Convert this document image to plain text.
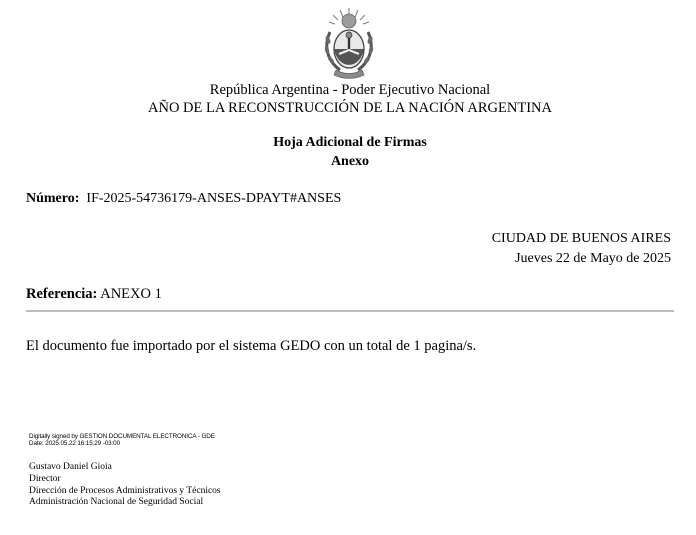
República Argentina - Poder Ejecutivo Nacional
AÑO DE LA RECONSTRUCCIÓN DE LA NACIÓN ARGENTINA
Hoja Adicional de Firmas
Anexo
Número: IF-2025-54736179-ANSES-DPAYT#ANSES
CIUDAD DE BUENOS AIRES
Jueves 22 de Mayo de 2025
Referencia: ANEXO 1
El documento fue importado por el sistema GEDO con un total de 1 pagina/s.
Digitally signed by GESTION DOCUMENTAL ELECTRONICA - GDE
Date: 2025.05.22 16:15:29 -03:00
Gustavo Daniel Gioia
Director
Dirección de Procesos Administrativos y Técnicos
Administración Nacional de Seguridad Social
